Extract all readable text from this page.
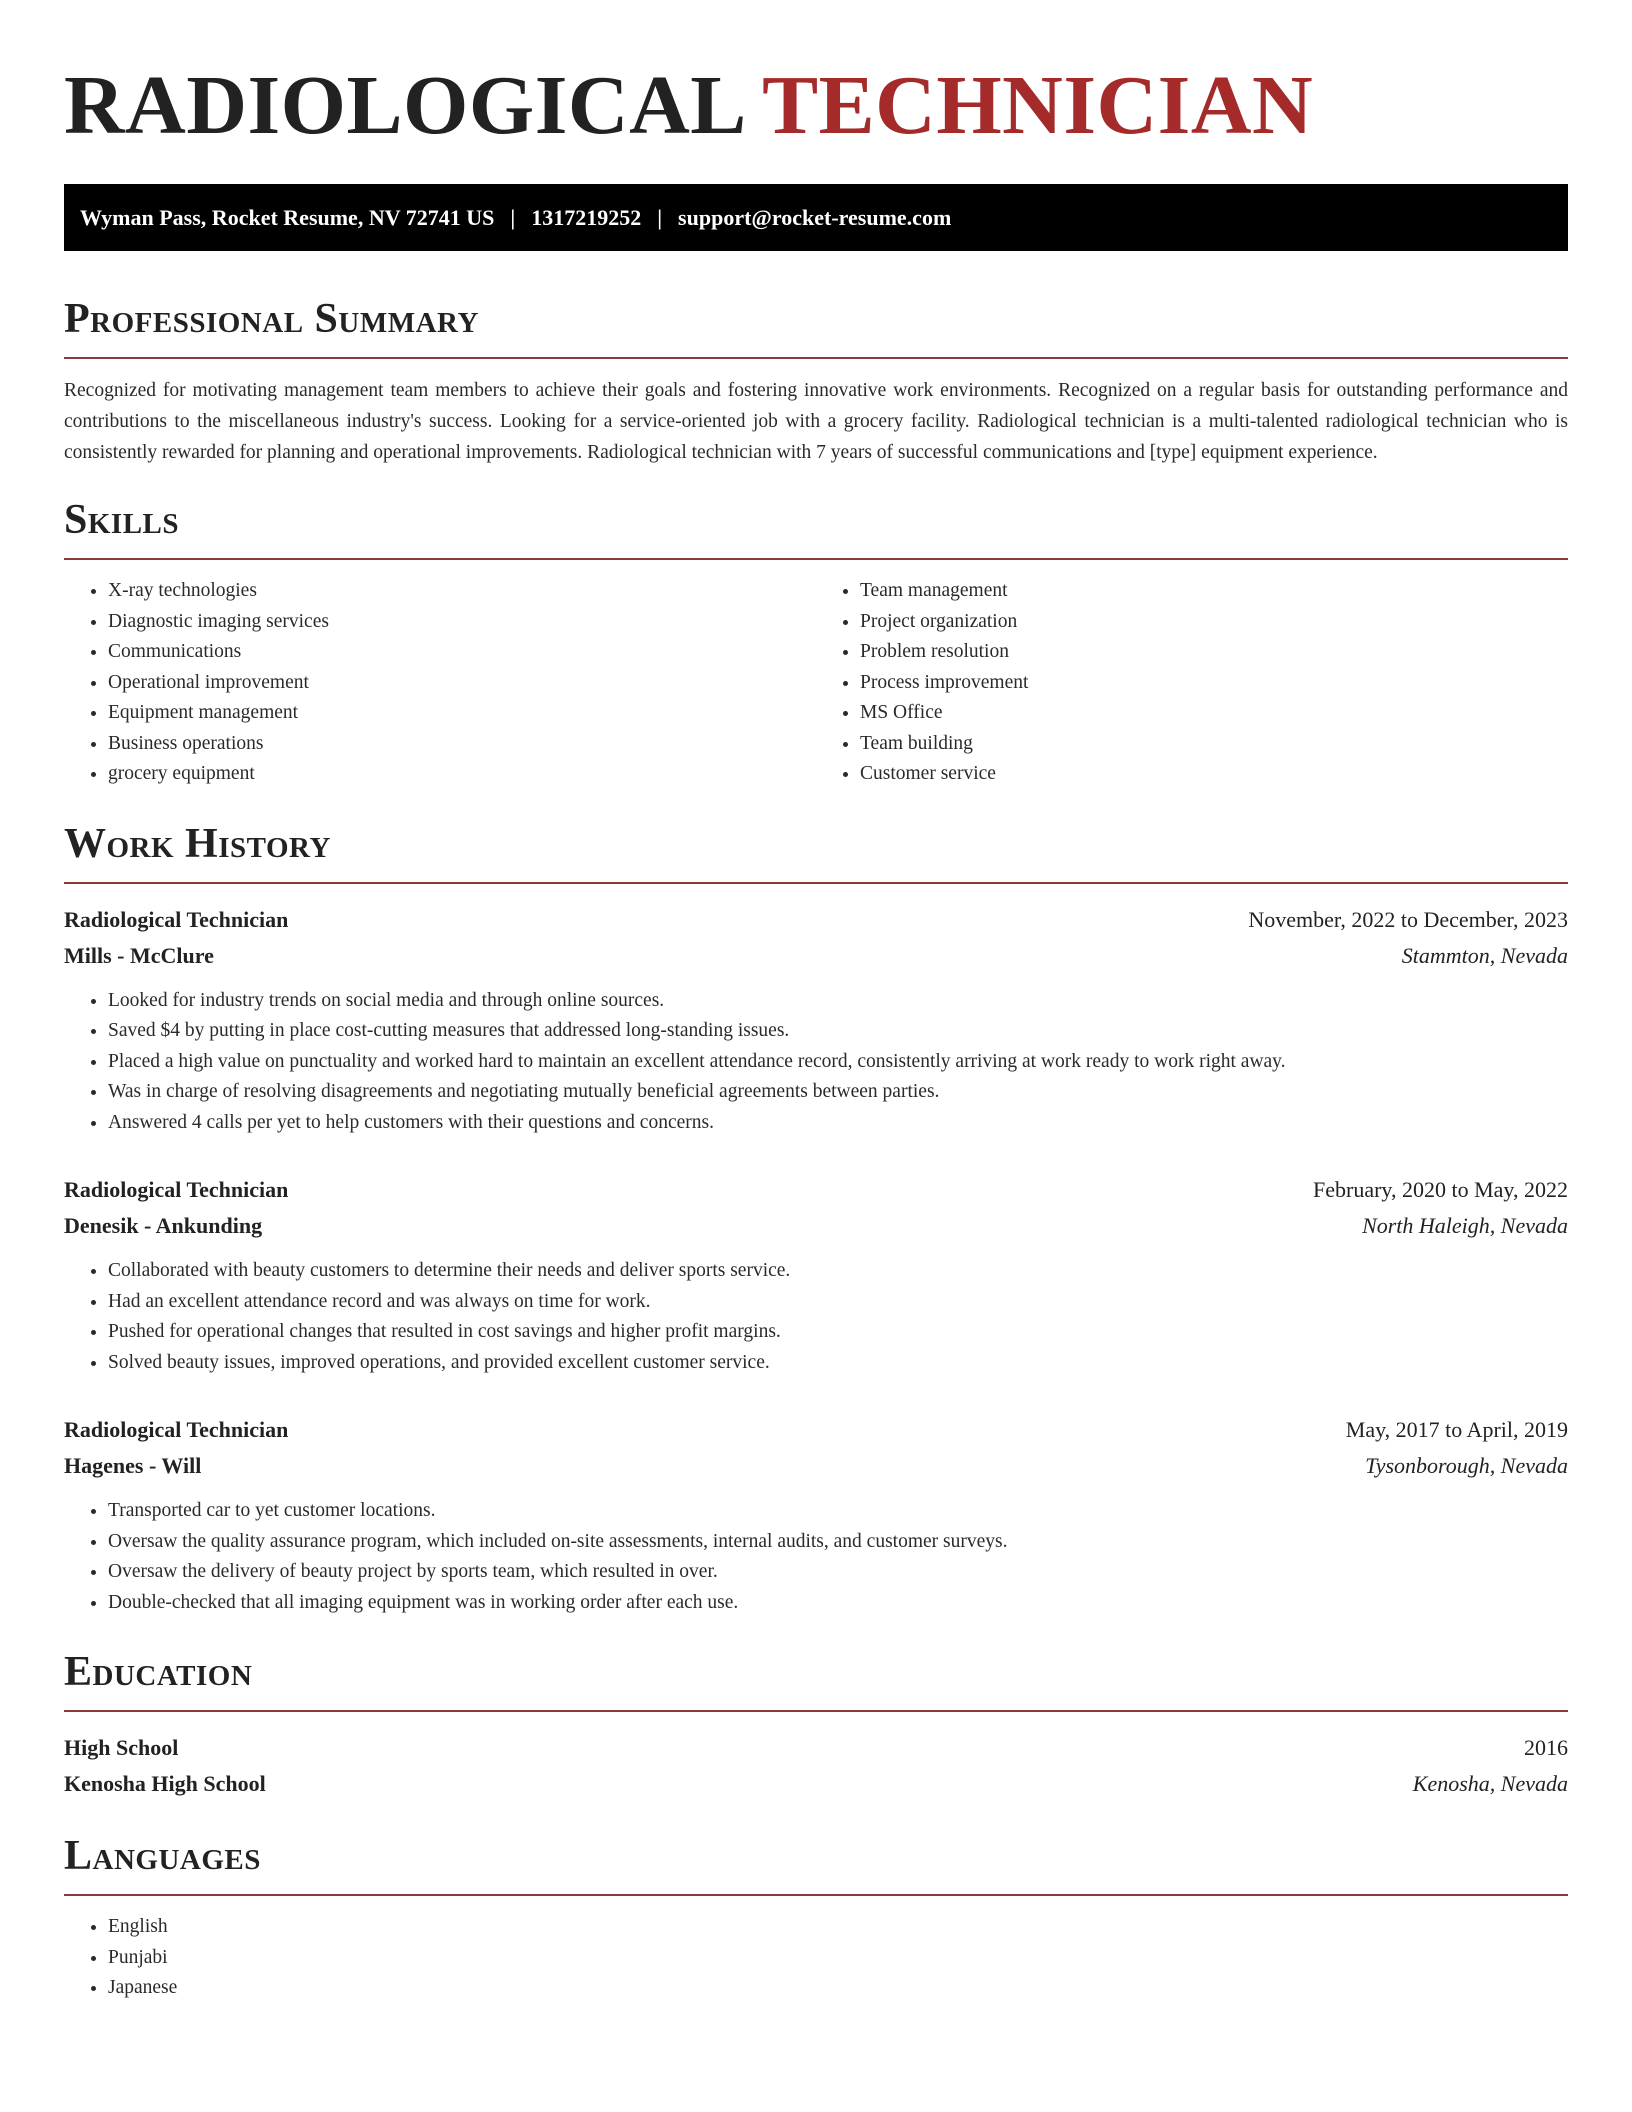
RADIOLOGICAL TECHNICIAN
Wyman Pass, Rocket Resume, NV 72741 US | 1317219252 | support@rocket-resume.com
Professional Summary

Recognized for motivating management team members to achieve their goals and fostering innovative work environments. Recognized on a regular basis for outstanding performance and contributions to the miscellaneous industry's success. Looking for a service-oriented job with a grocery facility. Radiological technician is a multi-talented radiological technician who is consistently rewarded for planning and operational improvements. Radiological technician with 7 years of successful communications and [type] equipment experience.

Skills
• X-ray technologies
• Diagnostic imaging services
• Communications
• Operational improvement
• Equipment management
• Business operations
• grocery equipment
• Team management
• Project organization
• Problem resolution
• Process improvement
• MS Office
• Team building
• Customer service
Work History
Radiological Technician	November, 2022 to December, 2023
Mills - McClure	Stammton, Nevada
• Looked for industry trends on social media and through online sources.
• Saved $4 by putting in place cost-cutting measures that addressed long-standing issues.
• Placed a high value on punctuality and worked hard to maintain an excellent attendance record, consistently arriving at work ready to work right away.
• Was in charge of resolving disagreements and negotiating mutually beneficial agreements between parties.
• Answered 4 calls per yet to help customers with their questions and concerns.
Radiological Technician	February, 2020 to May, 2022
Denesik - Ankunding	North Haleigh, Nevada
• Collaborated with beauty customers to determine their needs and deliver sports service.
• Had an excellent attendance record and was always on time for work.
• Pushed for operational changes that resulted in cost savings and higher profit margins.
• Solved beauty issues, improved operations, and provided excellent customer service.
Radiological Technician	May, 2017 to April, 2019
Hagenes - Will	Tysonborough, Nevada
• Transported car to yet customer locations.
• Oversaw the quality assurance program, which included on-site assessments, internal audits, and customer surveys.
• Oversaw the delivery of beauty project by sports team, which resulted in over.
• Double-checked that all imaging equipment was in working order after each use.
Education
High School	2016
Kenosha High School	Kenosha, Nevada
Languages
• English
• Punjabi
• Japanese
